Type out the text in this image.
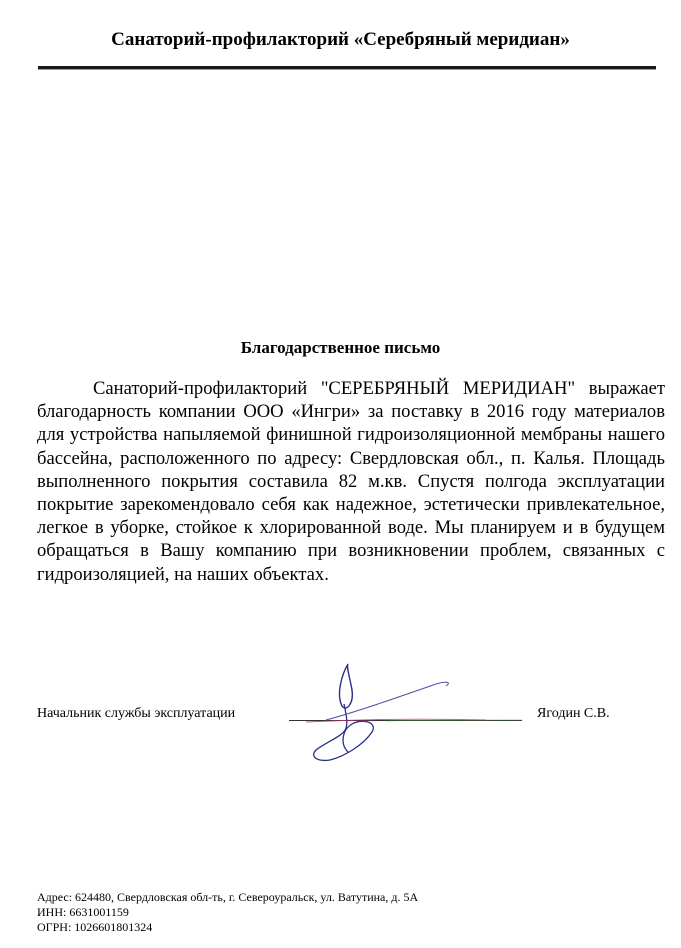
Санаторий-профилакторий «Серебряный меридиан»
Благодарственное письмо
Санаторий-профилакторий "СЕРЕБРЯНЫЙ МЕРИДИАН" выражает благодарность компании ООО «Ингри» за поставку в 2016 году материалов для устройства напыляемой финишной гидроизоляционной мембраны нашего бассейна, расположенного по адресу: Свердловская обл., п. Калья. Площадь выполненного покрытия составила 82 м.кв. Спустя полгода эксплуатации покрытие зарекомендовало себя как надежное, эстетически привлекательное, легкое в уборке, стойкое к хлорированной воде. Мы планируем и в будущем обращаться в Вашу компанию при возникновении проблем, связанных с гидроизоляцией, на наших объектах.
Начальник службы эксплуатации	Ягодин С.В.
Адрес: 624480, Свердловская обл-ть, г. Североуральск, ул. Ватутина, д. 5А
ИНН: 6631001159
ОГРН: 1026601801324
